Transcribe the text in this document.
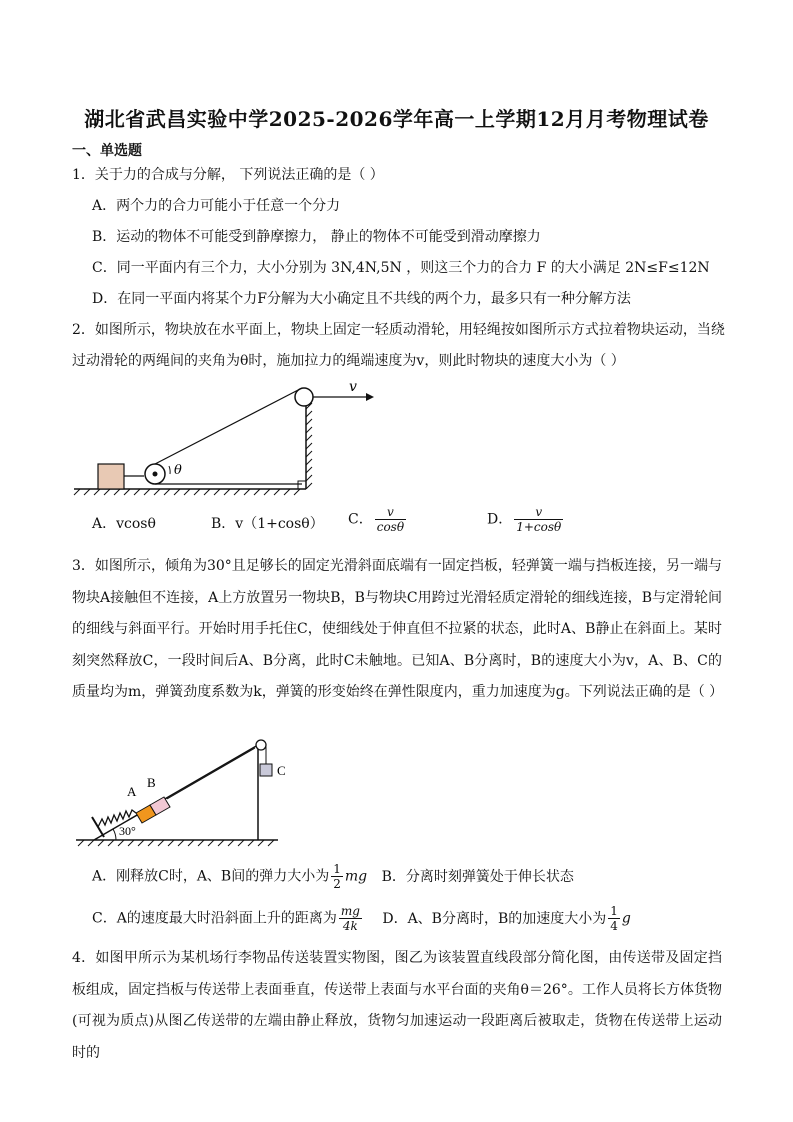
湖北省武昌实验中学2025-2026学年高一上学期12月月考物理试卷
一、单选题
1．关于力的合成与分解， 下列说法正确的是（ ）
A．两个力的合力可能小于任意一个分力
B．运动的物体不可能受到静摩擦力， 静止的物体不可能受到滑动摩擦力
C．同一平面内有三个力，大小分别为 3N,4N,5N ，则这三个力的合力 F 的大小满足 2N≤F≤12N
D．在同一平面内将某个力F分解为大小确定且不共线的两个力，最多只有一种分解方法
2．如图所示，物块放在水平面上，物块上固定一轻质动滑轮，用轻绳按如图所示方式拉着物块运动，当绕
过动滑轮的两绳间的夹角为θ时，施加拉力的绳端速度为v，则此时物块的速度大小为（ ）
v
θ
A．vcosθ	B．v（1+cosθ） C． $\frac{v}{\cos\theta}$	D． $\frac{v}{1+\cos\theta}$
3．如图所示，倾角为30°且足够长的固定光滑斜面底端有一固定挡板，轻弹簧一端与挡板连接，另一端与物块A接触但不连接，A上方放置另一物块B，B与物块C用跨过光滑轻质定滑轮的细线连接，B与定滑轮间的细线与斜面平行。开始时用手托住C，使细线处于伸直但不拉紧的状态，此时A、B静止在斜面上。某时刻突然释放C，一段时间后A、B分离，此时C未触地。已知A、B分离时，B的速度大小为v，A、B、C的质量均为m，弹簧劲度系数为k，弹簧的形变始终在弹性限度内，重力加速度为g。下列说法正确的是（ ）
A
B
C
30°
A．刚释放C时，A、B间的弹力大小为 $\frac{1}{2}$ mg B．分离时刻弹簧处于伸长状态
C．A的速度最大时沿斜面上升的距离为 $\frac{mg}{4k}$ D．A、B分离时，B的加速度大小为 $\frac{1}{4}$ g
4．如图甲所示为某机场行李物品传送装置实物图，图乙为该装置直线段部分简化图，由传送带及固定挡板组成，固定挡板与传送带上表面垂直，传送带上表面与水平台面的夹角θ＝26°。工作人员将长方体货物(可视为质点)从图乙传送带的左端由静止释放，货物匀加速运动一段距离后被取走，货物在传送带上运动时的
